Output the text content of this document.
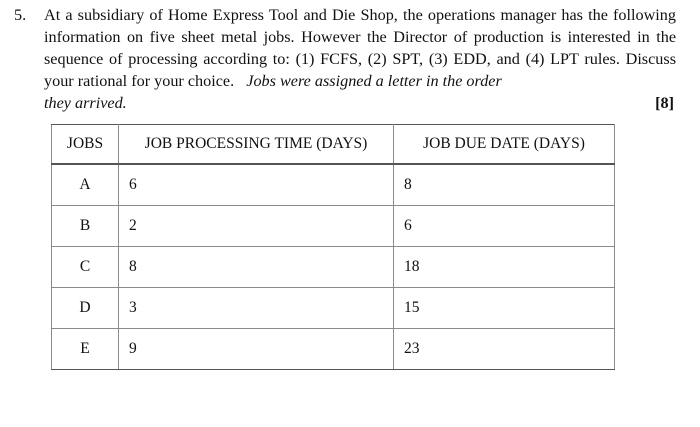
5. At a subsidiary of Home Express Tool and Die Shop, the operations manager has the following information on five sheet metal jobs. However the Director of production is interested in the sequence of processing according to: (1) FCFS, (2) SPT, (3) EDD, and (4) LPT rules. Discuss your rational for your choice. Jobs were assigned a letter in the order
they arrived.	[8]
JOBS	JOB PROCESSING TIME (DAYS)	JOB DUE DATE (DAYS)
A	6	8
B	2	6
C	8	18
D	3	15
E	9	23
